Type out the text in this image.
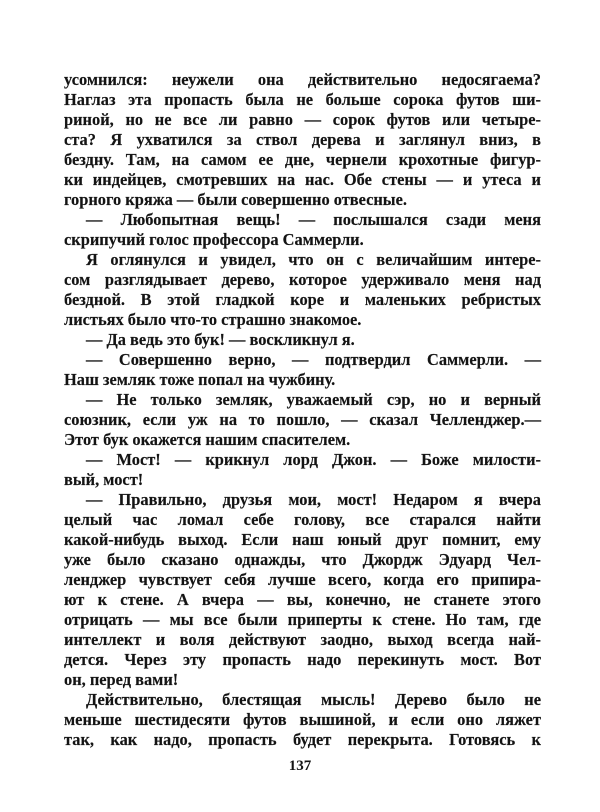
усомнился: неужели она действительно недосягаема?
Наглаз эта пропасть была не больше сорока футов ши-
риной, но не все ли равно — сорок футов или четыре-
ста? Я ухватился за ствол дерева и заглянул вниз, в
бездну. Там, на самом ее дне, чернели крохотные фигур-
ки индейцев, смотревших на нас. Обе стены — и утеса и
горного кряжа — были совершенно отвесные.
— Любопытная вещь! — послышался сзади меня
скрипучий голос профессора Саммерли.
Я оглянулся и увидел, что он с величайшим интере-
сом разглядывает дерево, которое удерживало меня над
бездной. В этой гладкой коре и маленьких ребристых
листьях было что-то страшно знакомое.
— Да ведь это бук! — воскликнул я.
— Совершенно верно, — подтвердил Саммерли. —
Наш земляк тоже попал на чужбину.
— Не только земляк, уважаемый сэр, но и верный
союзник, если уж на то пошло, — сказал Челленджер.—
Этот бук окажется нашим спасителем.
— Мост! — крикнул лорд Джон. — Боже милости-
вый, мост!
— Правильно, друзья мои, мост! Недаром я вчера
целый час ломал себе голову, все старался найти
какой-нибудь выход. Если наш юный друг помнит, ему
уже было сказано однажды, что Джордж Эдуард Чел-
ленджер чувствует себя лучше всего, когда его припира-
ют к стене. А вчера — вы, конечно, не станете этого
отрицать — мы все были приперты к стене. Но там, где
интеллект и воля действуют заодно, выход всегда най-
дется. Через эту пропасть надо перекинуть мост. Вот
он, перед вами!
Действительно, блестящая мысль! Дерево было не
меньше шестидесяти футов вышиной, и если оно ляжет
так, как надо, пропасть будет перекрыта. Готовясь к
137
